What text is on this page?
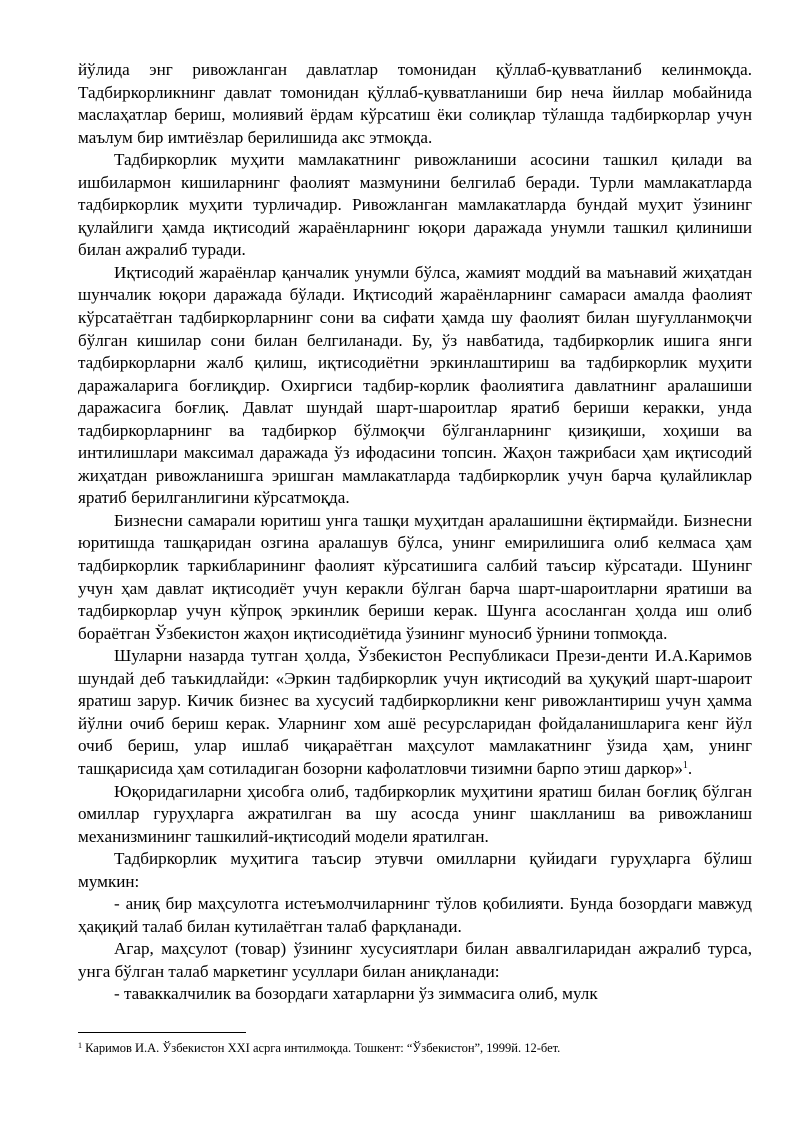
йўлида энг ривожланган давлатлар томонидан қўллаб-қувватланиб келинмоқда. Тадбиркорликнинг давлат томонидан қўллаб-қувватланиши бир неча йиллар мобайнида маслаҳатлар бериш, молиявий ёрдам кўрсатиш ёки солиқлар тўлашда тадбиркорлар учун маълум бир имтиёзлар берилишида акс этмоқда.

Тадбиркорлик муҳити мамлакатнинг ривожланиши асосини ташкил қилади ва ишбилармон кишиларнинг фаолият мазмунини белгилаб беради. Турли мамлакатларда тадбиркорлик муҳити турличадир. Ривожланган мамлакатларда бундай муҳит ўзининг қулайлиги ҳамда иқтисодий жараёнларнинг юқори даражада унумли ташкил қилиниши билан ажралиб туради.

Иқтисодий жараёнлар қанчалик унумли бўлса, жамият моддий ва маънавий жиҳатдан шунчалик юқори даражада бўлади. Иқтисодий жараёнларнинг самараси амалда фаолият кўрсатаётган тадбиркорларнинг сони ва сифати ҳамда шу фаолият билан шуғулланмоқчи бўлган кишилар сони билан белгиланади. Бу, ўз навбатида, тадбиркорлик ишига янги тадбиркорларни жалб қилиш, иқтисодиётни эркинлаштириш ва тадбиркорлик муҳити даражаларига боғлиқдир. Охиргиси тадбир-корлик фаолиятига давлатнинг аралашиши даражасига боғлиқ. Давлат шундай шарт-шароитлар яратиб бериши керакки, унда тадбиркорларнинг ва тадбиркор бўлмоқчи бўлганларнинг қизиқиши, хоҳиши ва интилишлари максимал даражада ўз ифодасини топсин. Жаҳон тажрибаси ҳам иқтисодий жиҳатдан ривожланишга эришган мамлакатларда тадбиркорлик учун барча қулайликлар яратиб берилганлигини кўрсатмоқда.

Бизнесни самарали юритиш унга ташқи муҳитдан аралашишни ёқтирмайди. Бизнесни юритишда ташқаридан озгина аралашув бўлса, унинг емирилишига олиб келмаса ҳам тадбиркорлик таркибларининг фаолият кўрсатишига салбий таъсир кўрсатади. Шунинг учун ҳам давлат иқтисодиёт учун керакли бўлган барча шарт-шароитларни яратиши ва тадбиркорлар учун кўпроқ эркинлик бериши керак. Шунга асосланган ҳолда иш олиб бораётган Ўзбекистон жаҳон иқтисодиётида ўзининг муносиб ўрнини топмоқда.

Шуларни назарда тутган ҳолда, Ўзбекистон Республикаси Прези-денти И.А.Каримов шундай деб таъкидлайди: «Эркин тадбиркорлик учун иқтисодий ва ҳуқуқий шарт-шароит яратиш зарур. Кичик бизнес ва хусусий тадбиркорликни кенг ривожлантириш учун ҳамма йўлни очиб бериш керак. Уларнинг хом ашё ресурсларидан фойдаланишларига кенг йўл очиб бериш, улар ишлаб чиқараётган маҳсулот мамлакатнинг ўзида ҳам, унинг ташқарисида ҳам сотиладиган бозорни кафолатловчи тизимни барпо этиш даркор»$^1$.

Юқоридагиларни ҳисобга олиб, тадбиркорлик муҳитини яратиш билан боғлиқ бўлган омиллар гуруҳларга ажратилган ва шу асосда унинг шаклланиш ва ривожланиш механизмининг ташкилий-иқтисодий модели яратилган.

Тадбиркорлик муҳитига таъсир этувчи омилларни қуйидаги гуруҳларга бўлиш мумкин:

- аниқ бир маҳсулотга истеъмолчиларнинг тўлов қобилияти. Бунда бозордаги мавжуд ҳақиқий талаб билан кутилаётган талаб фарқланади.

Агар, маҳсулот (товар) ўзининг хусусиятлари билан аввалгиларидан ажралиб турса, унга бўлган талаб маркетинг усуллари билан аниқланади:

- таваккалчилик ва бозордаги хатарларни ўз зиммасига олиб, мулк

$^1$ Каримов И.А. Ўзбекистон XXI асрга интилмоқда. Тошкент: “Ўзбекистон”, 1999й. 12-бет.
